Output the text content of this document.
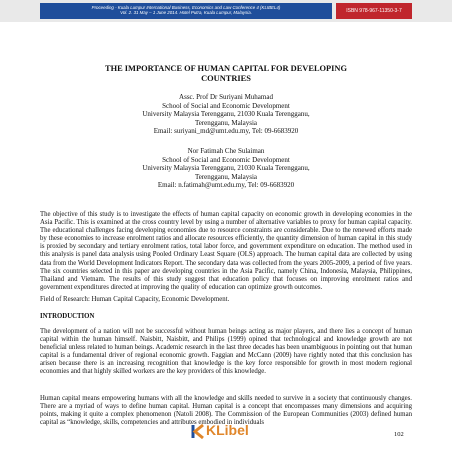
Proceeding - Kuala Lumpur International Business, Economics and Law Conference 4 (KLIBEL4)
Vol. 2. 31 May – 1 June 2014. Hotel Putra, Kuala Lumpur, Malaysia.	ISBN 978-967-11350-3-7
THE IMPORTANCE OF HUMAN CAPITAL FOR DEVELOPING
COUNTRIES
Assc. Prof Dr Suriyani Muhamad
School of Social and Economic Development
University Malaysia Terengganu, 21030 Kuala Terengganu,
Terengganu, Malaysia
Email: suriyani_md@umt.edu.my, Tel: 09-6683920
Nor Fatimah Che Sulaiman
School of Social and Economic Development
University Malaysia Terengganu, 21030 Kuala Terengganu,
Terengganu, Malaysia
Email: n.fatimah@umt.edu.my, Tel: 09-6683920
The objective of this study is to investigate the effects of human capital capacity on economic growth in developing economies in the Asia Pacific. This is examined at the cross country level by using a number of alternative variables to proxy for human capital capacity. The educational challenges facing developing economies due to resource constraints are considerable. Due to the renewed efforts made by these economies to increase enrolment ratios and allocate resources efficiently, the quantity dimension of human capital in this study is proxied by secondary and tertiary enrolment ratios, total labor force, and government expenditure on education. The method used in this analysis is panel data analysis using Pooled Ordinary Least Square (OLS) approach. The human capital data are collected by using data from the World Development Indicators Report. The secondary data was collected from the years 2005-2009, a period of five years. The six countries selected in this paper are developing countries in the Asia Pacific, namely China, Indonesia, Malaysia, Philippines, Thailand and Vietnam. The results of this study suggest that education policy that focuses on improving enrolment ratios and government expenditures directed at improving the quality of education can optimize growth outcomes.
Field of Research: Human Capital Capacity, Economic Development.
INTRODUCTION
The development of a nation will not be successful without human beings acting as major players, and there lies a concept of human capital within the human himself. Naisbitt, Naisbitt, and Philips (1999) opined that technological and knowledge growth are not beneficial unless related to human beings. Academic research in the last three decades has been unambiguous in pointing out that human capital is a fundamental driver of regional economic growth. Faggian and McCann (2009) have rightly noted that this conclusion has arisen because there is an increasing recognition that knowledge is the key force responsible for growth in most modern regional economies and that highly skilled workers are the key providers of this knowledge.
Human capital means empowering humans with all the knowledge and skills needed to survive in a society that continuously changes. There are a myriad of ways to define human capital. Human capital is a concept that encompasses many dimensions and acquiring points, making it quite a complex phenomenon (Natoli 2008). The Commission of the European Communities (2003) defined human capital as “knowledge, skills, competencies and attributes embodied in individuals
KLibel	102
